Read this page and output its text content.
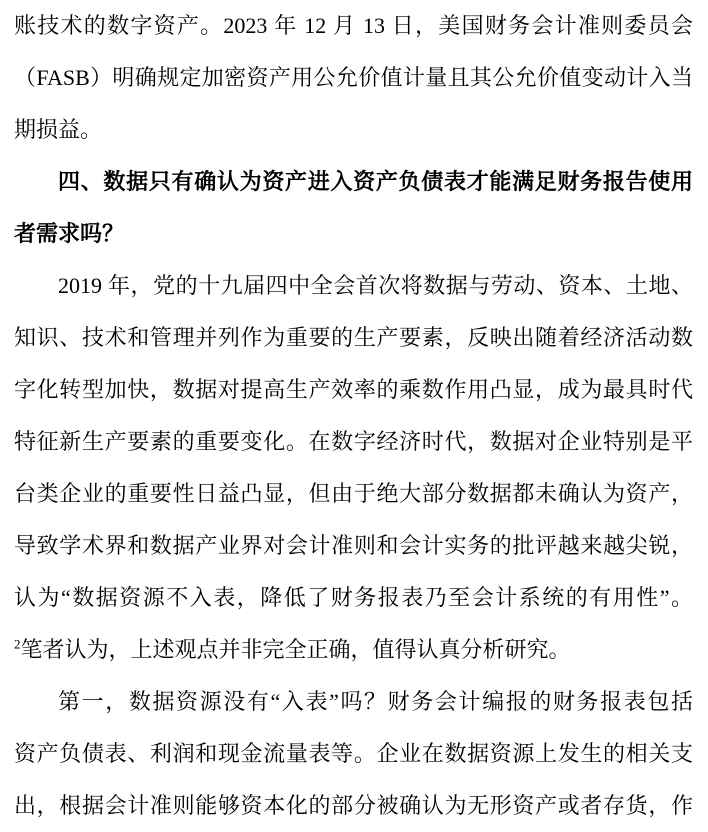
账技术的数字资产。2023 年 12 月 13 日，美国财务会计准则委员会
（FASB）明确规定加密资产用公允价值计量且其公允价值变动计入当
期损益。
四、数据只有确认为资产进入资产负债表才能满足财务报告使用
者需求吗？
2019 年，党的十九届四中全会首次将数据与劳动、资本、土地、
知识、技术和管理并列作为重要的生产要素，反映出随着经济活动数
字化转型加快，数据对提高生产效率的乘数作用凸显，成为最具时代
特征新生产要素的重要变化。在数字经济时代，数据对企业特别是平
台类企业的重要性日益凸显，但由于绝大部分数据都未确认为资产，
导致学术界和数据产业界对会计准则和会计实务的批评越来越尖锐，
认为“数据资源不入表，降低了财务报表乃至会计系统的有用性”。
$^2$笔者认为，上述观点并非完全正确，值得认真分析研究。
第一，数据资源没有“入表”吗？财务会计编报的财务报表包括
资产负债表、利润和现金流量表等。企业在数据资源上发生的相关支
出，根据会计准则能够资本化的部分被确认为无形资产或者存货，作
